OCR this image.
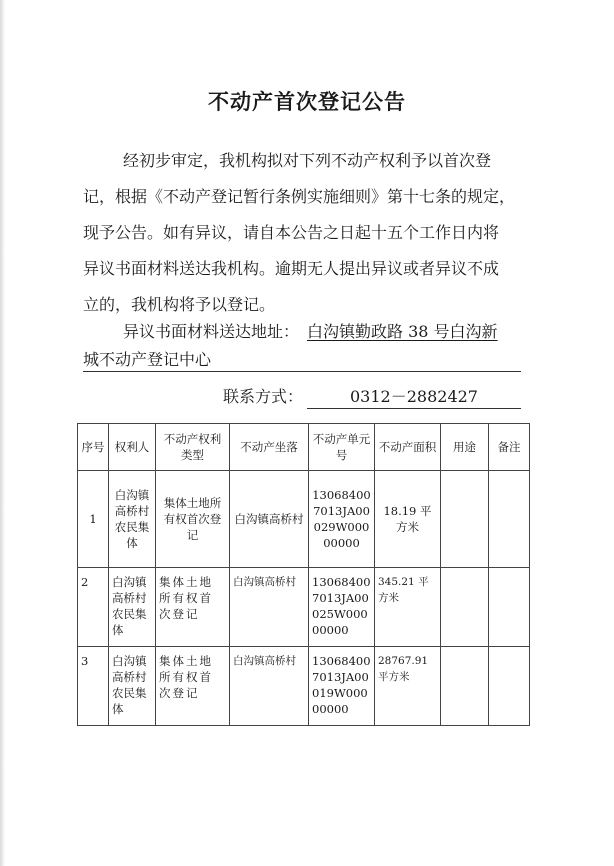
不动产首次登记公告
经初步审定，我机构拟对下列不动产权利予以首次登
记，根据《不动产登记暂行条例实施细则》第十七条的规定，
现予公告。如有异议，请自本公告之日起十五个工作日内将
异议书面材料送达我机构。逾期无人提出异议或者异议不成
立的，我机构将予以登记。
异议书面材料送达地址： 白沟镇勤政路 38 号白沟新
城不动产登记中心
联系方式：	0312－2882427
序号	权利人	不动产权利类型	不动产坐落	不动产单元号	不动产面积	用途	备注
1	白沟镇高桥村农民集体	集体土地所有权首次登记	白沟镇高桥村	130684007013JA00029W00000000	18.19 平方米		
2	白沟镇高桥村农民集体	集体土地所有权首次登记	白沟镇高桥村	130684007013JA00025W00000000	345.21 平方米		
3	白沟镇高桥村农民集体	集体土地所有权首次登记	白沟镇高桥村	130684007013JA00019W00000000	28767.91 平方米		
